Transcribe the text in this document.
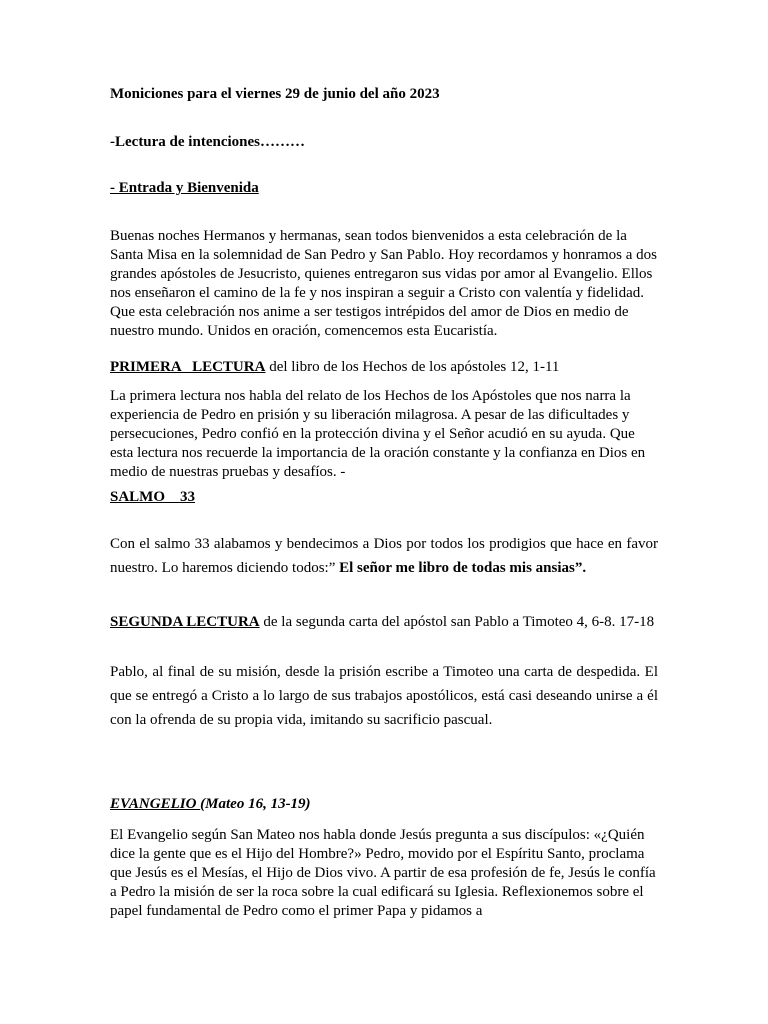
Moniciones para el viernes 29 de junio del año 2023

-Lectura de intenciones………

- Entrada y Bienvenida

Buenas noches Hermanos y hermanas, sean todos bienvenidos a esta celebración de la Santa Misa en la solemnidad de San Pedro y San Pablo. Hoy recordamos y honramos a dos grandes apóstoles de Jesucristo, quienes entregaron sus vidas por amor al Evangelio. Ellos nos enseñaron el camino de la fe y nos inspiran a seguir a Cristo con valentía y fidelidad. Que esta celebración nos anime a ser testigos intrépidos del amor de Dios en medio de nuestro mundo. Unidos en oración, comencemos esta Eucaristía.

PRIMERA   LECTURA del libro de los Hechos de los apóstoles 12, 1-11

La primera lectura nos habla del relato de los Hechos de los Apóstoles que nos narra la experiencia de Pedro en prisión y su liberación milagrosa. A pesar de las dificultades y persecuciones, Pedro confió en la protección divina y el Señor acudió en su ayuda. Que esta lectura nos recuerde la importancia de la oración constante y la confianza en Dios en medio de nuestras pruebas y desafíos. -

SALMO    33

Con el salmo 33 alabamos y bendecimos a Dios por todos los prodigios que hace en favor nuestro. Lo haremos diciendo todos:” El señor me libro de todas mis ansias”.

SEGUNDA LECTURA de la segunda carta del apóstol san Pablo a Timoteo 4, 6-8. 17-18

Pablo, al final de su misión, desde la prisión escribe a Timoteo una carta de despedida. El que se entregó a Cristo a lo largo de sus trabajos apostólicos, está casi deseando unirse a él con la ofrenda de su propia vida, imitando su sacrificio pascual.

EVANGELIO (Mateo 16, 13-19)

El Evangelio según San Mateo nos habla donde Jesús pregunta a sus discípulos: «¿Quién dice la gente que es el Hijo del Hombre?» Pedro, movido por el Espíritu Santo, proclama que Jesús es el Mesías, el Hijo de Dios vivo. A partir de esa profesión de fe, Jesús le confía a Pedro la misión de ser la roca sobre la cual edificará su Iglesia. Reflexionemos sobre el papel fundamental de Pedro como el primer Papa y pidamos a
